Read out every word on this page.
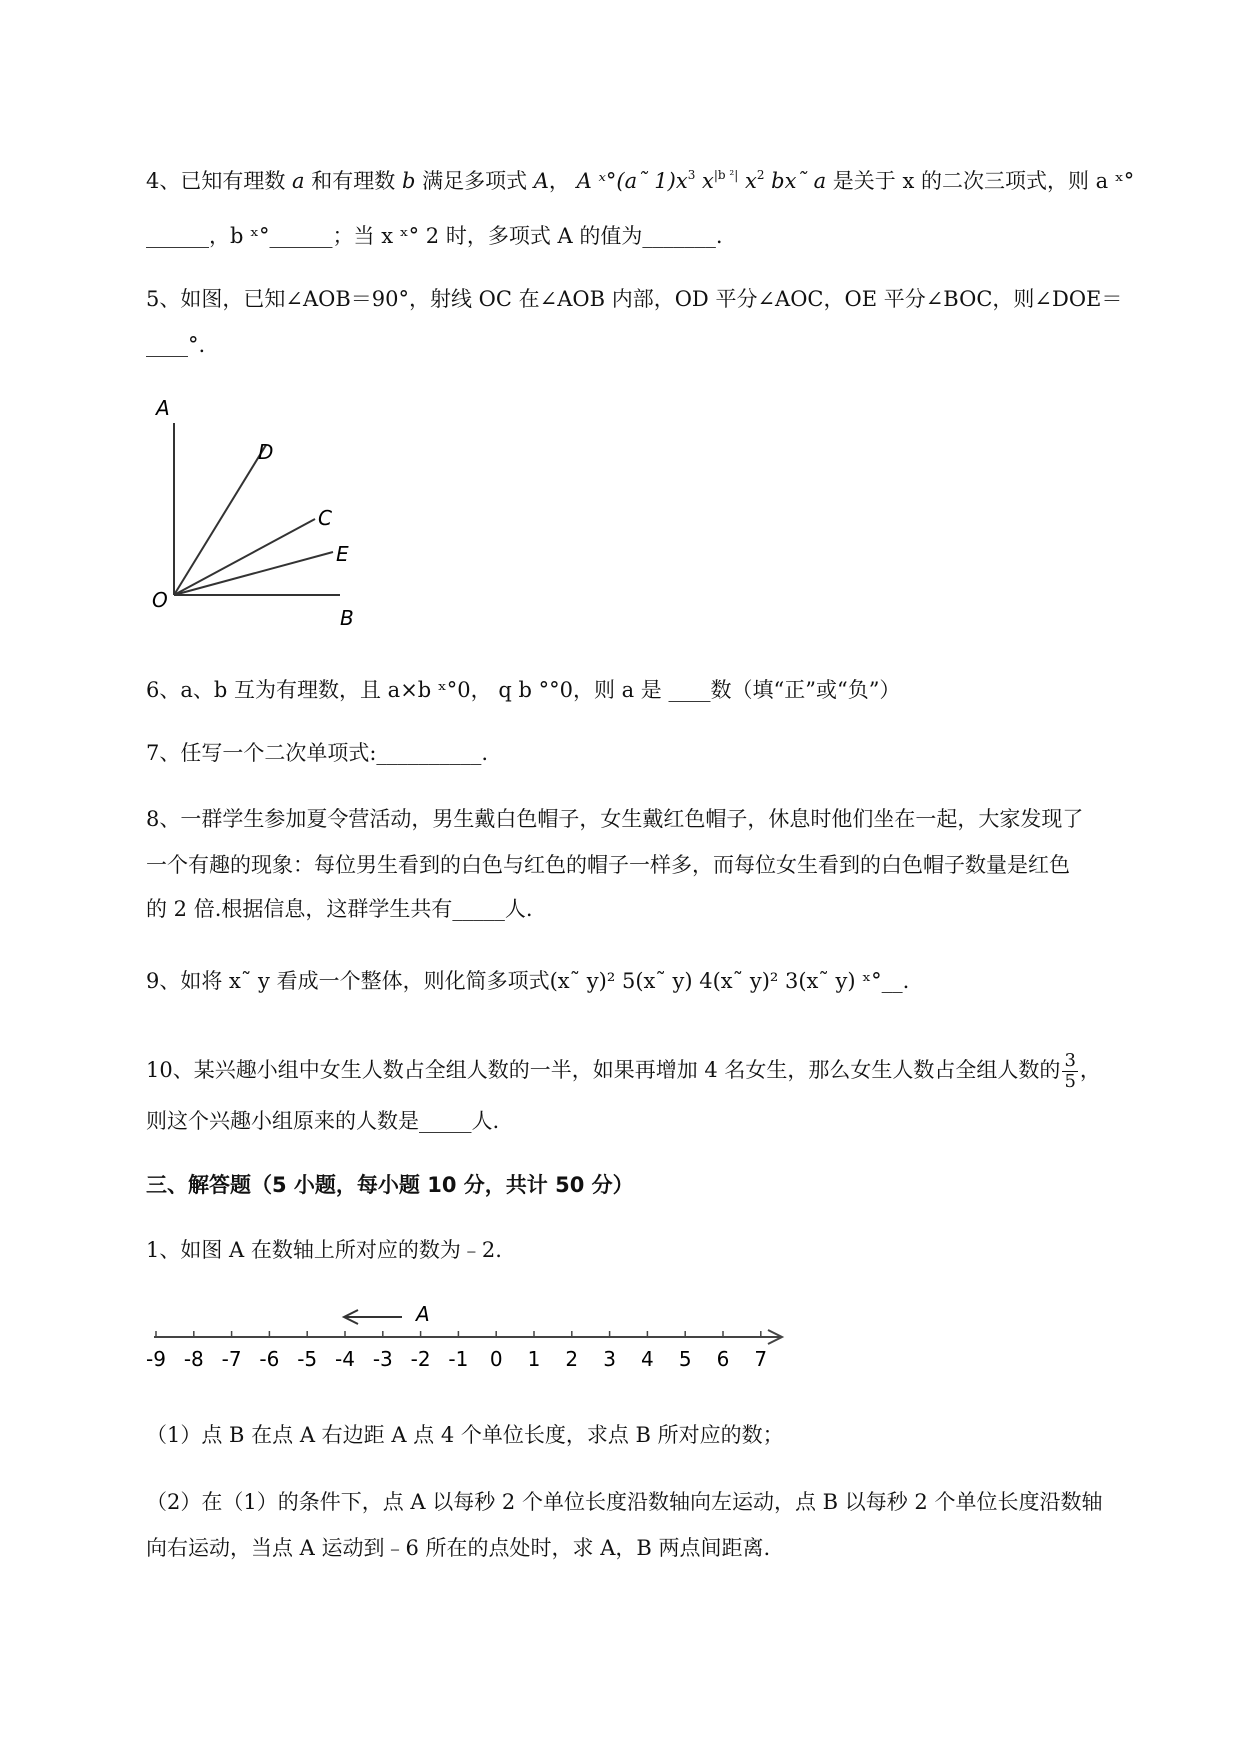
4、已知有理数 a 和有理数 b 满足多项式 A， A ˣ°(a˜ $1)x^3$ $x^{|b ^2|}$ $x^2$ bx˜ a 是关于 x 的二次三项式，则 a ˣ°
______，b ˣ°______；当 x ˣ° 2 时，多项式 A 的值为_______.
5、如图，已知∠AOB＝90°，射线 OC 在∠AOB 内部，OD 平分∠AOC，OE 平分∠BOC，则∠DOE＝
____°.
A
D
C
E
O
B
6、a、b 互为有理数，且 a×b ˣ°0， q b °°0，则 a 是 ____数（填“正”或“负”）
7、任写一个二次单项式:__________.
8、一群学生参加夏令营活动，男生戴白色帽子，女生戴红色帽子，休息时他们坐在一起，大家发现了
一个有趣的现象：每位男生看到的白色与红色的帽子一样多，而每位女生看到的白色帽子数量是红色
的 2 倍.根据信息，这群学生共有_____人.
9、如将 x˜ y 看成一个整体，则化简多项式(x˜ y)² 5(x˜ y) 4(x˜ y)² 3(x˜ y) ˣ°__.
10、某兴趣小组中女生人数占全组人数的一半，如果再增加 4 名女生，那么女生人数占全组人数的 $\frac{3}{5}$ ，
则这个兴趣小组原来的人数是_____人.
三、解答题（5 小题，每小题 10 分，共计 50 分）
1、如图 A 在数轴上所对应的数为﹣2.
A
-9 -8 -7 -6 -5 -4 -3 -2 -1 0 1 2 3 4 5 6 7
（1）点 B 在点 A 右边距 A 点 4 个单位长度，求点 B 所对应的数；
（2）在（1）的条件下，点 A 以每秒 2 个单位长度沿数轴向左运动，点 B 以每秒 2 个单位长度沿数轴
向右运动，当点 A 运动到﹣6 所在的点处时，求 A，B 两点间距离.
